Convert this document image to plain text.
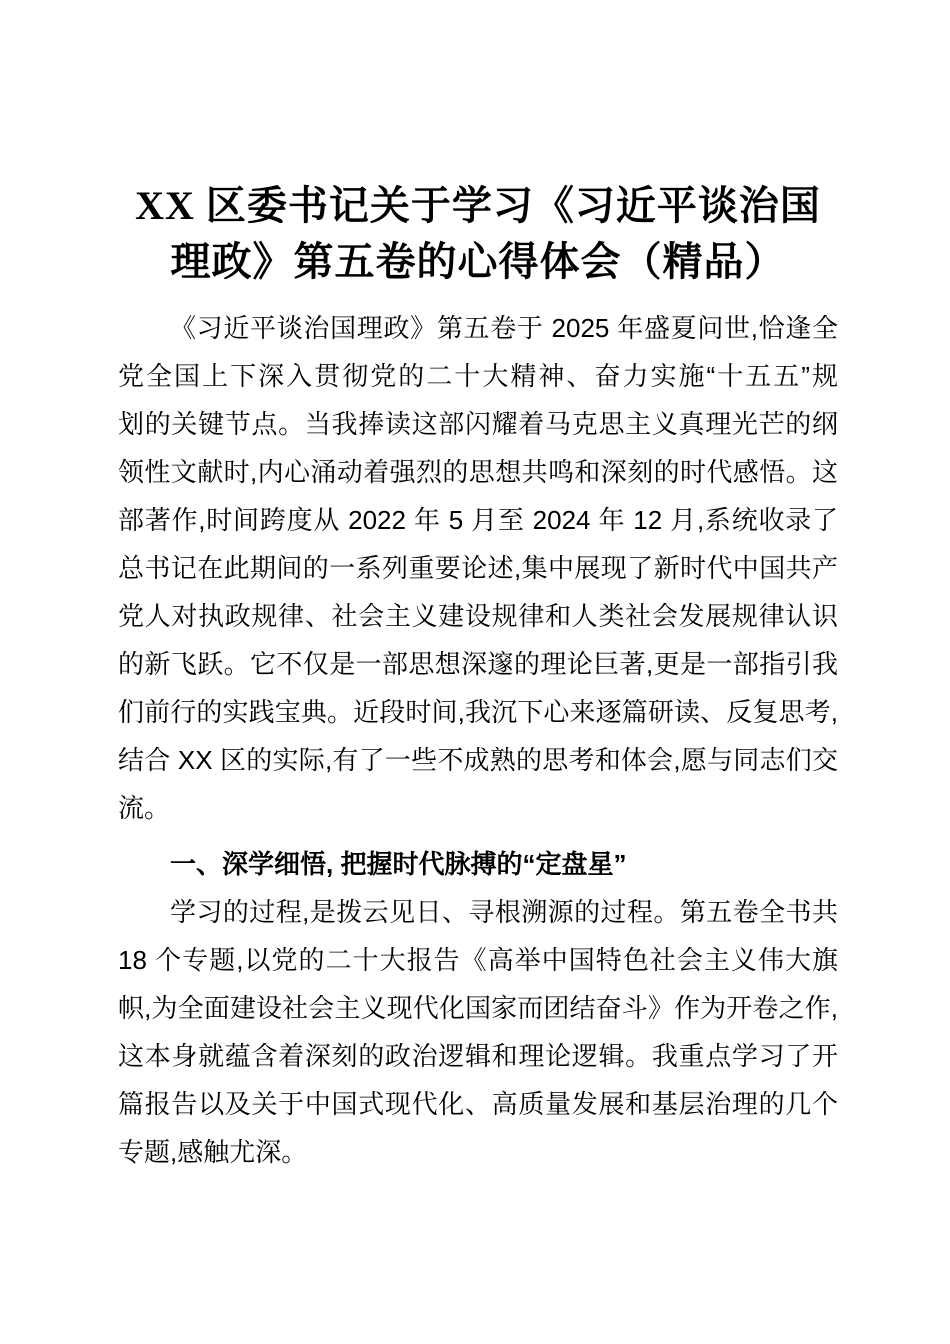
XX 区委书记关于学习《习近平谈治国
理政》第五卷的心得体会（精品）
《习近平谈治国理政》第五卷于 2025 年盛夏问世,恰逢全
党全国上下深入贯彻党的二十大精神、奋力实施“十五五”规
划的关键节点。当我捧读这部闪耀着马克思主义真理光芒的纲
领性文献时,内心涌动着强烈的思想共鸣和深刻的时代感悟。这
部著作,时间跨度从 2022 年 5 月至 2024 年 12 月,系统收录了
总书记在此期间的一系列重要论述,集中展现了新时代中国共产
党人对执政规律、社会主义建设规律和人类社会发展规律认识
的新飞跃。它不仅是一部思想深邃的理论巨著,更是一部指引我
们前行的实践宝典。近段时间,我沉下心来逐篇研读、反复思考,
结合 XX 区的实际,有了一些不成熟的思考和体会,愿与同志们交
流。
一、深学细悟, 把握时代脉搏的“定盘星”
学习的过程,是拨云见日、寻根溯源的过程。第五卷全书共
18 个专题,以党的二十大报告《高举中国特色社会主义伟大旗
帜,为全面建设社会主义现代化国家而团结奋斗》作为开卷之作,
这本身就蕴含着深刻的政治逻辑和理论逻辑。我重点学习了开
篇报告以及关于中国式现代化、高质量发展和基层治理的几个
专题,感触尤深。
